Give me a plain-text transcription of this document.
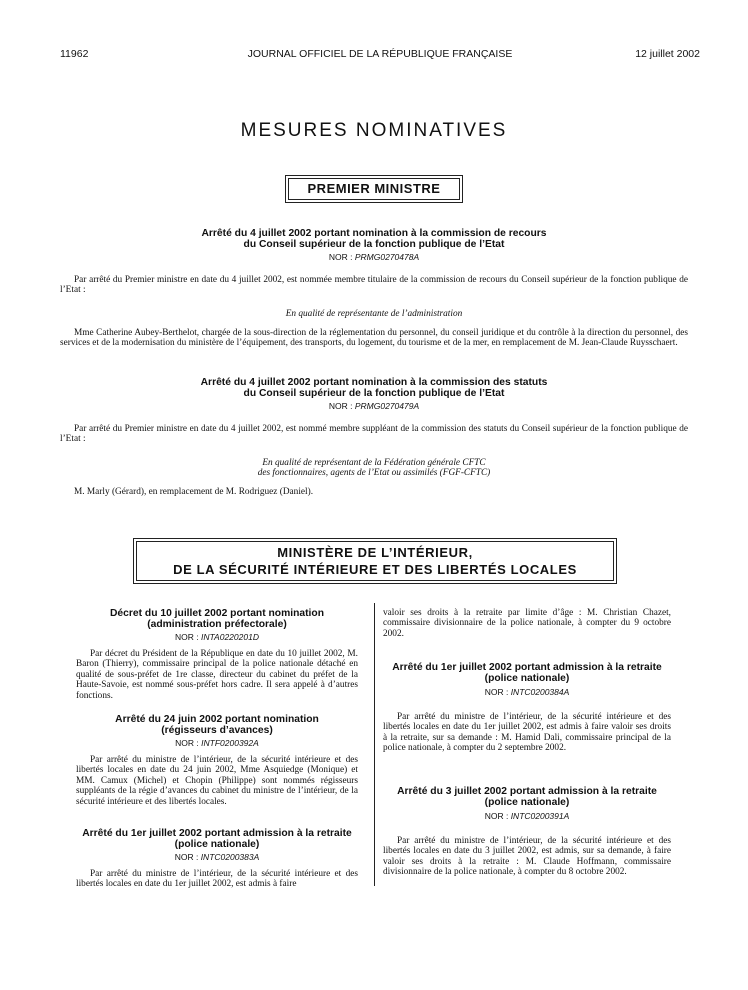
11962	JOURNAL OFFICIEL DE LA RÉPUBLIQUE FRANÇAISE	12 juillet 2002
MESURES NOMINATIVES
PREMIER MINISTRE
Arrêté du 4 juillet 2002 portant nomination à la commission de recours
du Conseil supérieur de la fonction publique de l’Etat
NOR : PRMG0270478A
Par arrêté du Premier ministre en date du 4 juillet 2002, est nommée membre titulaire de la commission de recours du Conseil supérieur de la fonction publique de l’Etat :
En qualité de représentante de l’administration
Mme Catherine Aubey-Berthelot, chargée de la sous-direction de la réglementation du personnel, du conseil juridique et du contrôle à la direction du personnel, des services et de la modernisation du ministère de l’équipement, des transports, du logement, du tourisme et de la mer, en remplacement de M. Jean-Claude Ruysschaert.
Arrêté du 4 juillet 2002 portant nomination à la commission des statuts
du Conseil supérieur de la fonction publique de l’Etat
NOR : PRMG0270479A
Par arrêté du Premier ministre en date du 4 juillet 2002, est nommé membre suppléant de la commission des statuts du Conseil supérieur de la fonction publique de l’Etat :
En qualité de représentant de la Fédération générale CFTC
des fonctionnaires, agents de l’Etat ou assimilés (FGF-CFTC)
M. Marly (Gérard), en remplacement de M. Rodriguez (Daniel).
MINISTÈRE DE L’INTÉRIEUR,
DE LA SÉCURITÉ INTÉRIEURE ET DES LIBERTÉS LOCALES
Décret du 10 juillet 2002 portant nomination
(administration préfectorale)
NOR : INTA0220201D
Par décret du Président de la République en date du 10 juillet 2002, M. Baron (Thierry), commissaire principal de la police nationale détaché en qualité de sous-préfet de 1re classe, directeur du cabinet du préfet de la Haute-Savoie, est nommé sous-préfet hors cadre. Il sera appelé à d’autres fonctions.
Arrêté du 24 juin 2002 portant nomination
(régisseurs d’avances)
NOR : INTF0200392A
Par arrêté du ministre de l’intérieur, de la sécurité intérieure et des libertés locales en date du 24 juin 2002, Mme Asquiedge (Monique) et MM. Camux (Michel) et Chopin (Philippe) sont nommés régisseurs suppléants de la régie d’avances du cabinet du ministre de l’intérieur, de la sécurité intérieure et des libertés locales.
Arrêté du 1er juillet 2002 portant admission à la retraite
(police nationale)
NOR : INTC0200383A
Par arrêté du ministre de l’intérieur, de la sécurité intérieure et des libertés locales en date du 1er juillet 2002, est admis à faire
valoir ses droits à la retraite par limite d’âge : M. Christian Chazet, commissaire divisionnaire de la police nationale, à compter du 9 octobre 2002.
Arrêté du 1er juillet 2002 portant admission à la retraite
(police nationale)
NOR : INTC0200384A
Par arrêté du ministre de l’intérieur, de la sécurité intérieure et des libertés locales en date du 1er juillet 2002, est admis à faire valoir ses droits à la retraite, sur sa demande : M. Hamid Dali, commissaire principal de la police nationale, à compter du 2 septembre 2002.
Arrêté du 3 juillet 2002 portant admission à la retraite
(police nationale)
NOR : INTC0200391A
Par arrêté du ministre de l’intérieur, de la sécurité intérieure et des libertés locales en date du 3 juillet 2002, est admis, sur sa demande, à faire valoir ses droits à la retraite : M. Claude Hoffmann, commissaire divisionnaire de la police nationale, à compter du 8 octobre 2002.
